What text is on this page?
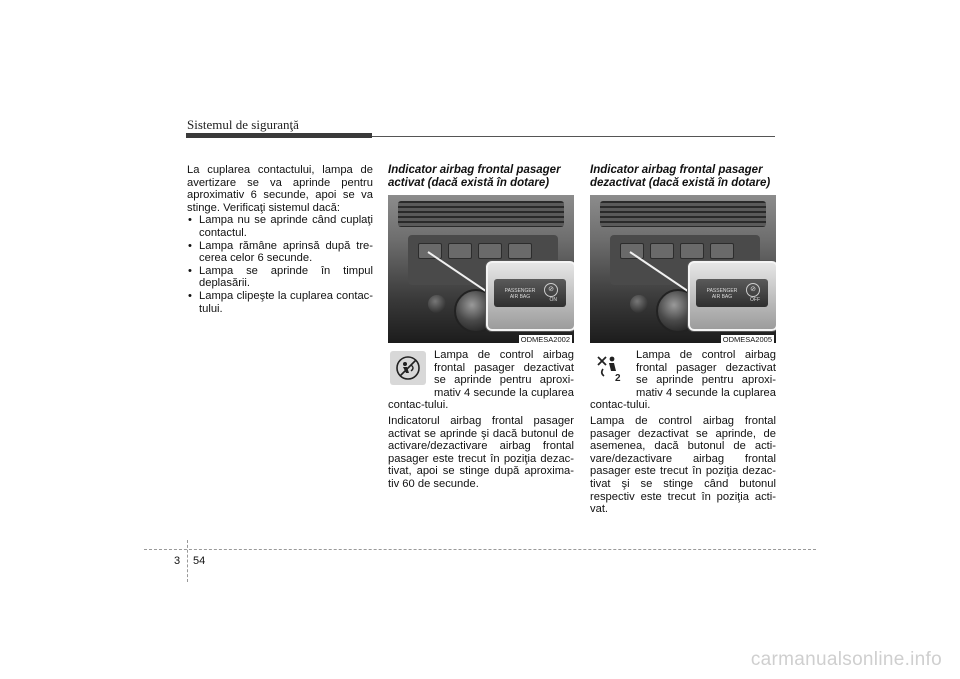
Sistemul de siguranţă

La cuplarea contactului, lampa de avertizare se va aprinde pentru aproximativ 6 secunde, apoi se va stinge. Verificaţi sistemul dacă:

• Lampa nu se aprinde când cuplaţi contactul.
• Lampa rămâne aprinsă după tre-cerea celor 6 secunde.
• Lampa se aprinde în timpul deplasării.
• Lampa clipeşte la cuplarea contac-tului.
Indicator airbag frontal pasager activat (dacă există în dotare)
PASSENGER AIR BAG
⊘
ON
ODMESA2002

Lampa de control airbag frontal pasager dezactivat se aprinde pentru aproxi-mativ 4 secunde la cuplarea contac-tului.

Indicatorul airbag frontal pasager activat se aprinde şi dacă butonul de activare/dezactivare airbag frontal pasager este trecut în poziţia dezac-tivat, apoi se stinge după aproxima-tiv 60 de secunde.

Indicator airbag frontal pasager dezactivat (dacă există în dotare)
PASSENGER AIR BAG
⊘
OFF
ODMESA2005
2

Lampa de control airbag frontal pasager dezactivat se aprinde pentru aproxi-mativ 4 secunde la cuplarea contac-tului.

Lampa de control airbag frontal pasager dezactivat se aprinde, de asemenea, dacă butonul de acti-vare/dezactivare airbag frontal pasager este trecut în poziţia dezac-tivat şi se stinge când butonul respectiv este trecut în poziţia acti-vat.

3 54
carmanualsonline.info
